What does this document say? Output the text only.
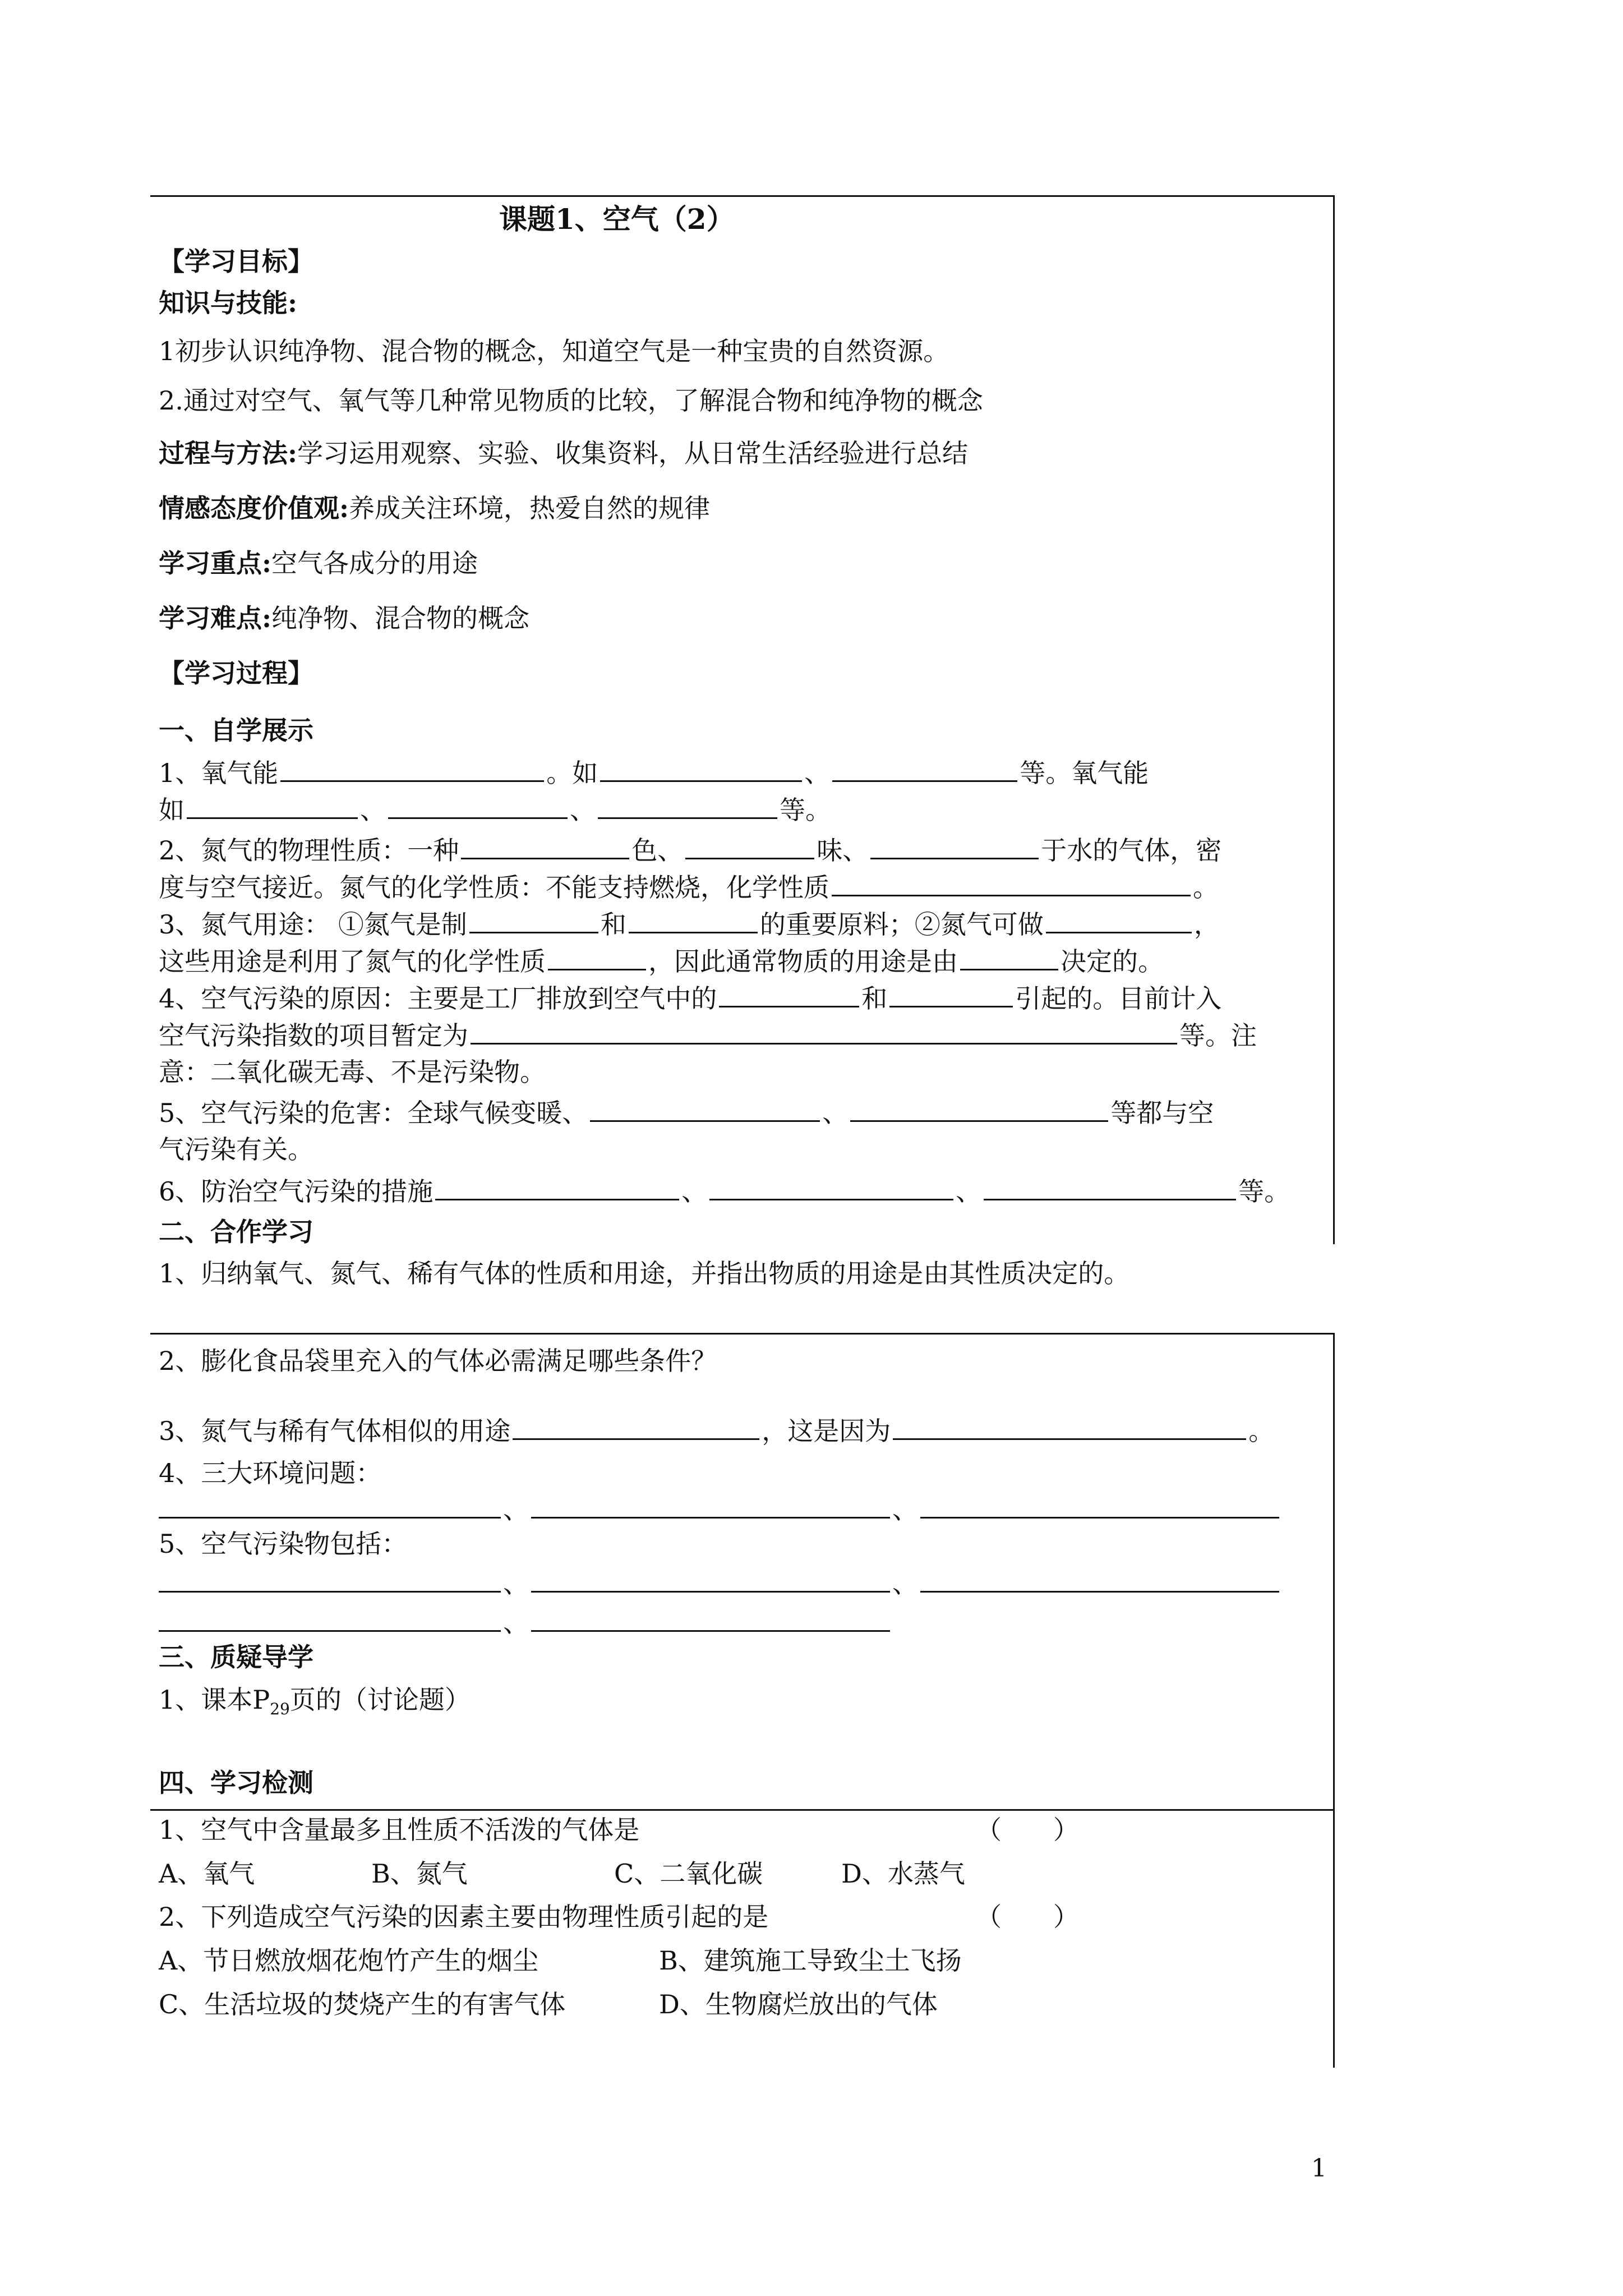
课题1、空气（2）
【学习目标】
知识与技能:
1初步认识纯净物、混合物的概念，知道空气是一种宝贵的自然资源。
2.通过对空气、氧气等几种常见物质的比较，了解混合物和纯净物的概念
过程与方法:学习运用观察、实验、收集资料，从日常生活经验进行总结
情感态度价值观:养成关注环境，热爱自然的规律
学习重点:空气各成分的用途
学习难点:纯净物、混合物的概念
【学习过程】
一、自学展示
1、氧气能	。如	、	等。氧气能
如	、	、	等。
2、氮气的物理性质：一种	色、	味、	于水的气体，密
度与空气接近。氮气的化学性质：不能支持燃烧，化学性质	。
3、氮气用途： ①氮气是制	和	的重要原料；②氮气可做	，
这些用途是利用了氮气的化学性质	，因此通常物质的用途是由	决定的。
4、空气污染的原因：主要是工厂排放到空气中的	和	引起的。目前计入
空气污染指数的项目暂定为	等。注
意：二氧化碳无毒、不是污染物。
5、空气污染的危害：全球气候变暖、	、	等都与空
气污染有关。
6、防治空气污染的措施	、	、	等。
二、合作学习
1、归纳氧气、氮气、稀有气体的性质和用途，并指出物质的用途是由其性质决定的。
2、膨化食品袋里充入的气体必需满足哪些条件？
3、氮气与稀有气体相似的用途	，这是因为	。
4、三大环境问题：
、	、
5、空气污染物包括：
、	、
、
三、质疑导学
1、课本$P_{29}$页的（讨论题）
四、学习检测
1、空气中含量最多且性质不活泼的气体是	（　　）
A、氧气	B、氮气	C、二氧化碳	D、水蒸气
2、下列造成空气污染的因素主要由物理性质引起的是	（　　）
A、节日燃放烟花炮竹产生的烟尘	B、建筑施工导致尘土飞扬
C、生活垃圾的焚烧产生的有害气体	D、生物腐烂放出的气体
1
